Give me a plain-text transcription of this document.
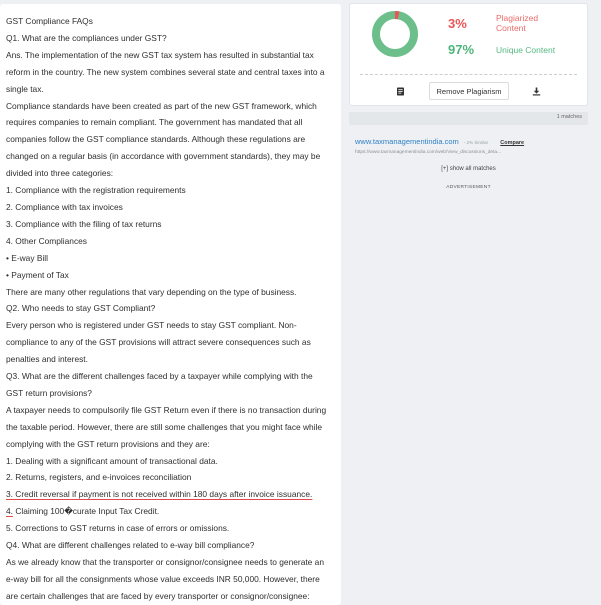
GST Compliance FAQs
Q1. What are the compliances under GST?
Ans. The implementation of the new GST tax system has resulted in substantial tax
reform in the country. The new system combines several state and central taxes into a
single tax.
Compliance standards have been created as part of the new GST framework, which
requires companies to remain compliant. The government has mandated that all
companies follow the GST compliance standards. Although these regulations are
changed on a regular basis (in accordance with government standards), they may be
divided into three categories:
1. Compliance with the registration requirements
2. Compliance with tax invoices
3. Compliance with the filing of tax returns
4. Other Compliances
• E-way Bill
• Payment of Tax
There are many other regulations that vary depending on the type of business.
Q2. Who needs to stay GST Compliant?
Every person who is registered under GST needs to stay GST compliant. Non-
compliance to any of the GST provisions will attract severe consequences such as
penalties and interest.
Q3. What are the different challenges faced by a taxpayer while complying with the
GST return provisions?
A taxpayer needs to compulsorily file GST Return even if there is no transaction during
the taxable period. However, there are still some challenges that you might face while
complying with the GST return provisions and they are:
1. Dealing with a significant amount of transactional data.
2. Returns, registers, and e-invoices reconciliation
3. Credit reversal if payment is not received within 180 days after invoice issuance.
4. Claiming 100�curate Input Tax Credit.
5. Corrections to GST returns in case of errors or omissions.
Q4. What are different challenges related to e-way bill compliance?
As we already know that the transporter or consignor/consignee needs to generate an
e-way bill for all the consignments whose value exceeds INR 50,000. However, there
are certain challenges that are faced by every transporter or consignor/consignee:
3%	Plagiarized Content
97%	Unique Content
Remove Plagiarism
1 matches
www.taxmanagementindia.com - 2% Similar Compare
https://www.taxmanagementindia.com/web/View_discussions_deta...
[+] show all matches
ADVERTISEMENT
